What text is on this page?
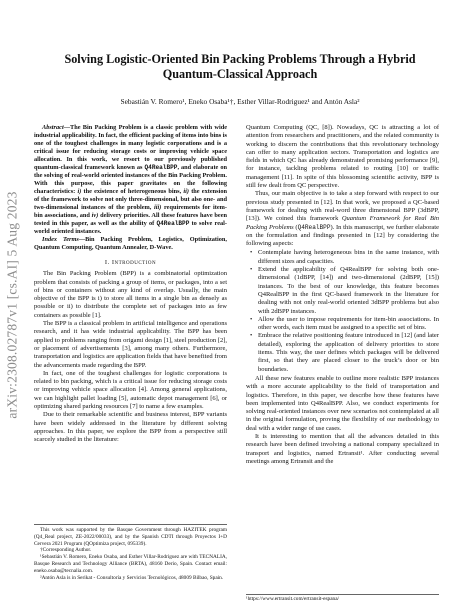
arXiv:2308.02787v1 [cs.AI] 5 Aug 2023
Solving Logistic-Oriented Bin Packing Problems Through a Hybrid
Quantum-Classical Approach
Sebastián V. Romero¹, Eneko Osaba¹†, Esther Villar-Rodriguez¹ and Antón Asla²

Abstract—The Bin Packing Problem is a classic problem with wide industrial applicability. In fact, the efficient packing of items into bins is one of the toughest challenges in many logistic corporations and is a critical issue for reducing storage costs or improving vehicle space allocation. In this work, we resort to our previously published quantum-classical framework known as Q4RealBPP, and elaborate on the solving of real-world oriented instances of the Bin Packing Problem. With this purpose, this paper gravitates on the following characteristics: i) the existence of heterogeneous bins, ii) the extension of the framework to solve not only three-dimensional, but also one- and two-dimensional instances of the problem, iii) requirements for item-bin associations, and iv) delivery priorities. All these features have been tested in this paper, as well as the ability of Q4RealBPP to solve real-world oriented instances.

Index Terms—Bin Packing Problem, Logistics, Optimization, Quantum Computing, Quantum Annealer, D-Wave.

I. Introduction

The Bin Packing Problem (BPP) is a combinatorial optimization problem that consists of packing a group of items, or packages, into a set of bins or containers without any kind of overlap. Usually, the main objective of the BPP is i) to store all items in a single bin as densely as possible or ii) to distribute the complete set of packages into as few containers as possible [1].

The BPP is a classical problem in artificial intelligence and operations research, and it has wide industrial applicability. The BPP has been applied to problems ranging from origami design [1], steel production [2], or placement of advertisements [3], among many others. Furthermore, transportation and logistics are application fields that have benefited from the advancements made regarding the BPP.

In fact, one of the toughest challenges for logistic corporations is related to bin packing, which is a critical issue for reducing storage costs or improving vehicle space allocation [4]. Among general applications, we can highlight pallet loading [5], automatic depot management [6], or optimizing shared parking resources [7] to name a few examples.

Due to their remarkable scientific and business interest, BPP variants have been widely addressed in the literature by different solving approaches. In this paper, we explore the BPP from a perspective still scarcely studied in the literature:

This work was supported by the Basque Government through HAZITEK program (Q4_Real project, ZE-2022/00033), and by the Spanish CDTI through Proyectos I+D Cervera 2021 Program (QOptimiza project, 095339).

†Corresponding Author.

¹Sebastián V. Romero, Eneko Osaba, and Esther Villar-Rodriguez are with TECNALIA, Basque Research and Technology Alliance (BRTA), 48160 Derio, Spain. Contact email: eneko.osaba@tecnalia.com.

²Antón Asla is in Serikat - Consultoría y Servicios Tecnológicos, 48009 Bilbao, Spain.

Quantum Computing (QC, [8]). Nowadays, QC is attracting a lot of attention from researchers and practitioners, and the related community is working to discern the contributions that this revolutionary technology can offer to many application sectors. Transportation and logistics are fields in which QC has already demonstrated promising performance [9], for instance, tackling problems related to routing [10] or traffic management [11]. In spite of this blossoming scientific activity, BPP is still few dealt from QC perspective.

Thus, our main objective is to take a step forward with respect to our previous study presented in [12]. In that work, we proposed a QC-based framework for dealing with real-word three dimensional BPP (3dBPP, [13]). We coined this framework Quantum Framework for Real Bin Packing Problems (Q4RealBPP). In this manuscript, we further elaborate on the formulation and findings presented in [12] by considering the following aspects:

• Contemplate having heterogeneous bins in the same instance, with different sizes and capacities.
• Extend the applicability of Q4RealBPP for solving both one-dimensional (1dBPP, [14]) and two-dimensional (2dBPP, [15]) instances. To the best of our knowledge, this feature becomes Q4RealBPP in the first QC-based framework in the literature for dealing with not only real-world oriented 3dBPP problems but also with 2dBPP instances.
• Allow the user to impose requirements for item-bin associations. In other words, each item must be assigned to a specific set of bins.
• Embrace the relative positioning feature introduced in [12] (and later detailed), exploring the application of delivery priorities to store items. This way, the user defines which packages will be delivered first, so that they are placed closer to the truck’s door or bin boundaries.

All these new features enable to outline more realistic BPP instances with a more accurate applicability to the field of transportation and logistics. Therefore, in this paper, we describe how these features have been implemented into Q4RealBPP. Also, we conduct experiments for solving real-oriented instances over new scenarios not contemplated at all in the original formulation, proving the flexibility of our methodology to deal with a wider range of use cases.

It is interesting to mention that all the advances detailed in this research have been defined involving a national company specialized in transport and logistics, named Ertransit¹. After conducting several meetings among Ertransit and the

¹https://www.ertransit.com/ertransit-espana/
